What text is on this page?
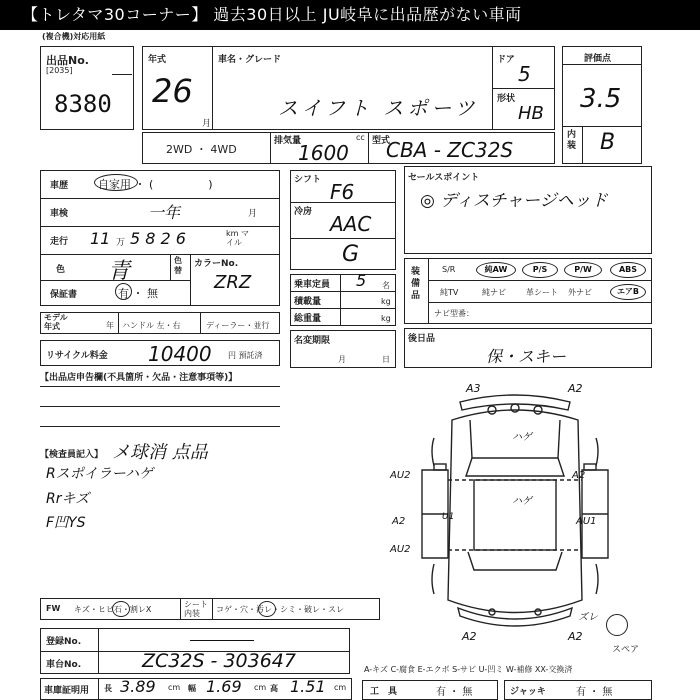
【トレタマ30コーナー】 過去30日以上 JU岐阜に出品歴がない車両
(複合機)対応用紙
出品No.
[2035]
8380
年式
26
月
車名・グレード
スイフト スポーツ
ドア
5
形状
HB
評価点
3.5
内装 B
2WD ・ 4WD
排気量	cc
1600	型式
CBA - ZC32S
車歴	自家用 ・ (　　　　　)
車検	一年	月
走行 11 万 5 8 2 6	km マイル
色 青	色替
カラーNo.
ZRZ
保証書	有 ・ 無
モデル年式	年 ハンドル 左・右	ディーラー・並行
リサイクル料金 10400 円 預託済
シフト F6
冷房 AAC
G
乗車定員 5 名
積載量	kg
総重量	kg
名変期限
月	日
セールスポイント
◎ ディスチャージヘッド
装備品
S/R	純AW	P/S	P/W	ABS
純TV	純ナビ	革シート 外ナビ	エアB
ナビ型番：
後日品
保・スキー
【出品店申告欄(不具箇所・欠品・注意事項等)】
【検査員記入】 メ球消 点品
Rスポイラーハゲ
Rrキズ
F凹YS
A3	A2
ハゲ
AU2
A2
AU2
U1
ハゲ
A2
AU1
ズレ
A2	A2
スペア
FW キズ・ヒビ石・割レX
シート内装	コゲ・穴・汚レ・シミ・破レ・スレ
登録No.
車台No.	ZC32S - 303647	A-キズ C-腐食 E-エクボ S-サビ U-凹ミ W-補修 XX-交換済
車庫証明用 長 3.89 cm 幅 1.69 cm 高 1.51 cm	工　具	有 ・ 無	ジャッキ	有 ・ 無
